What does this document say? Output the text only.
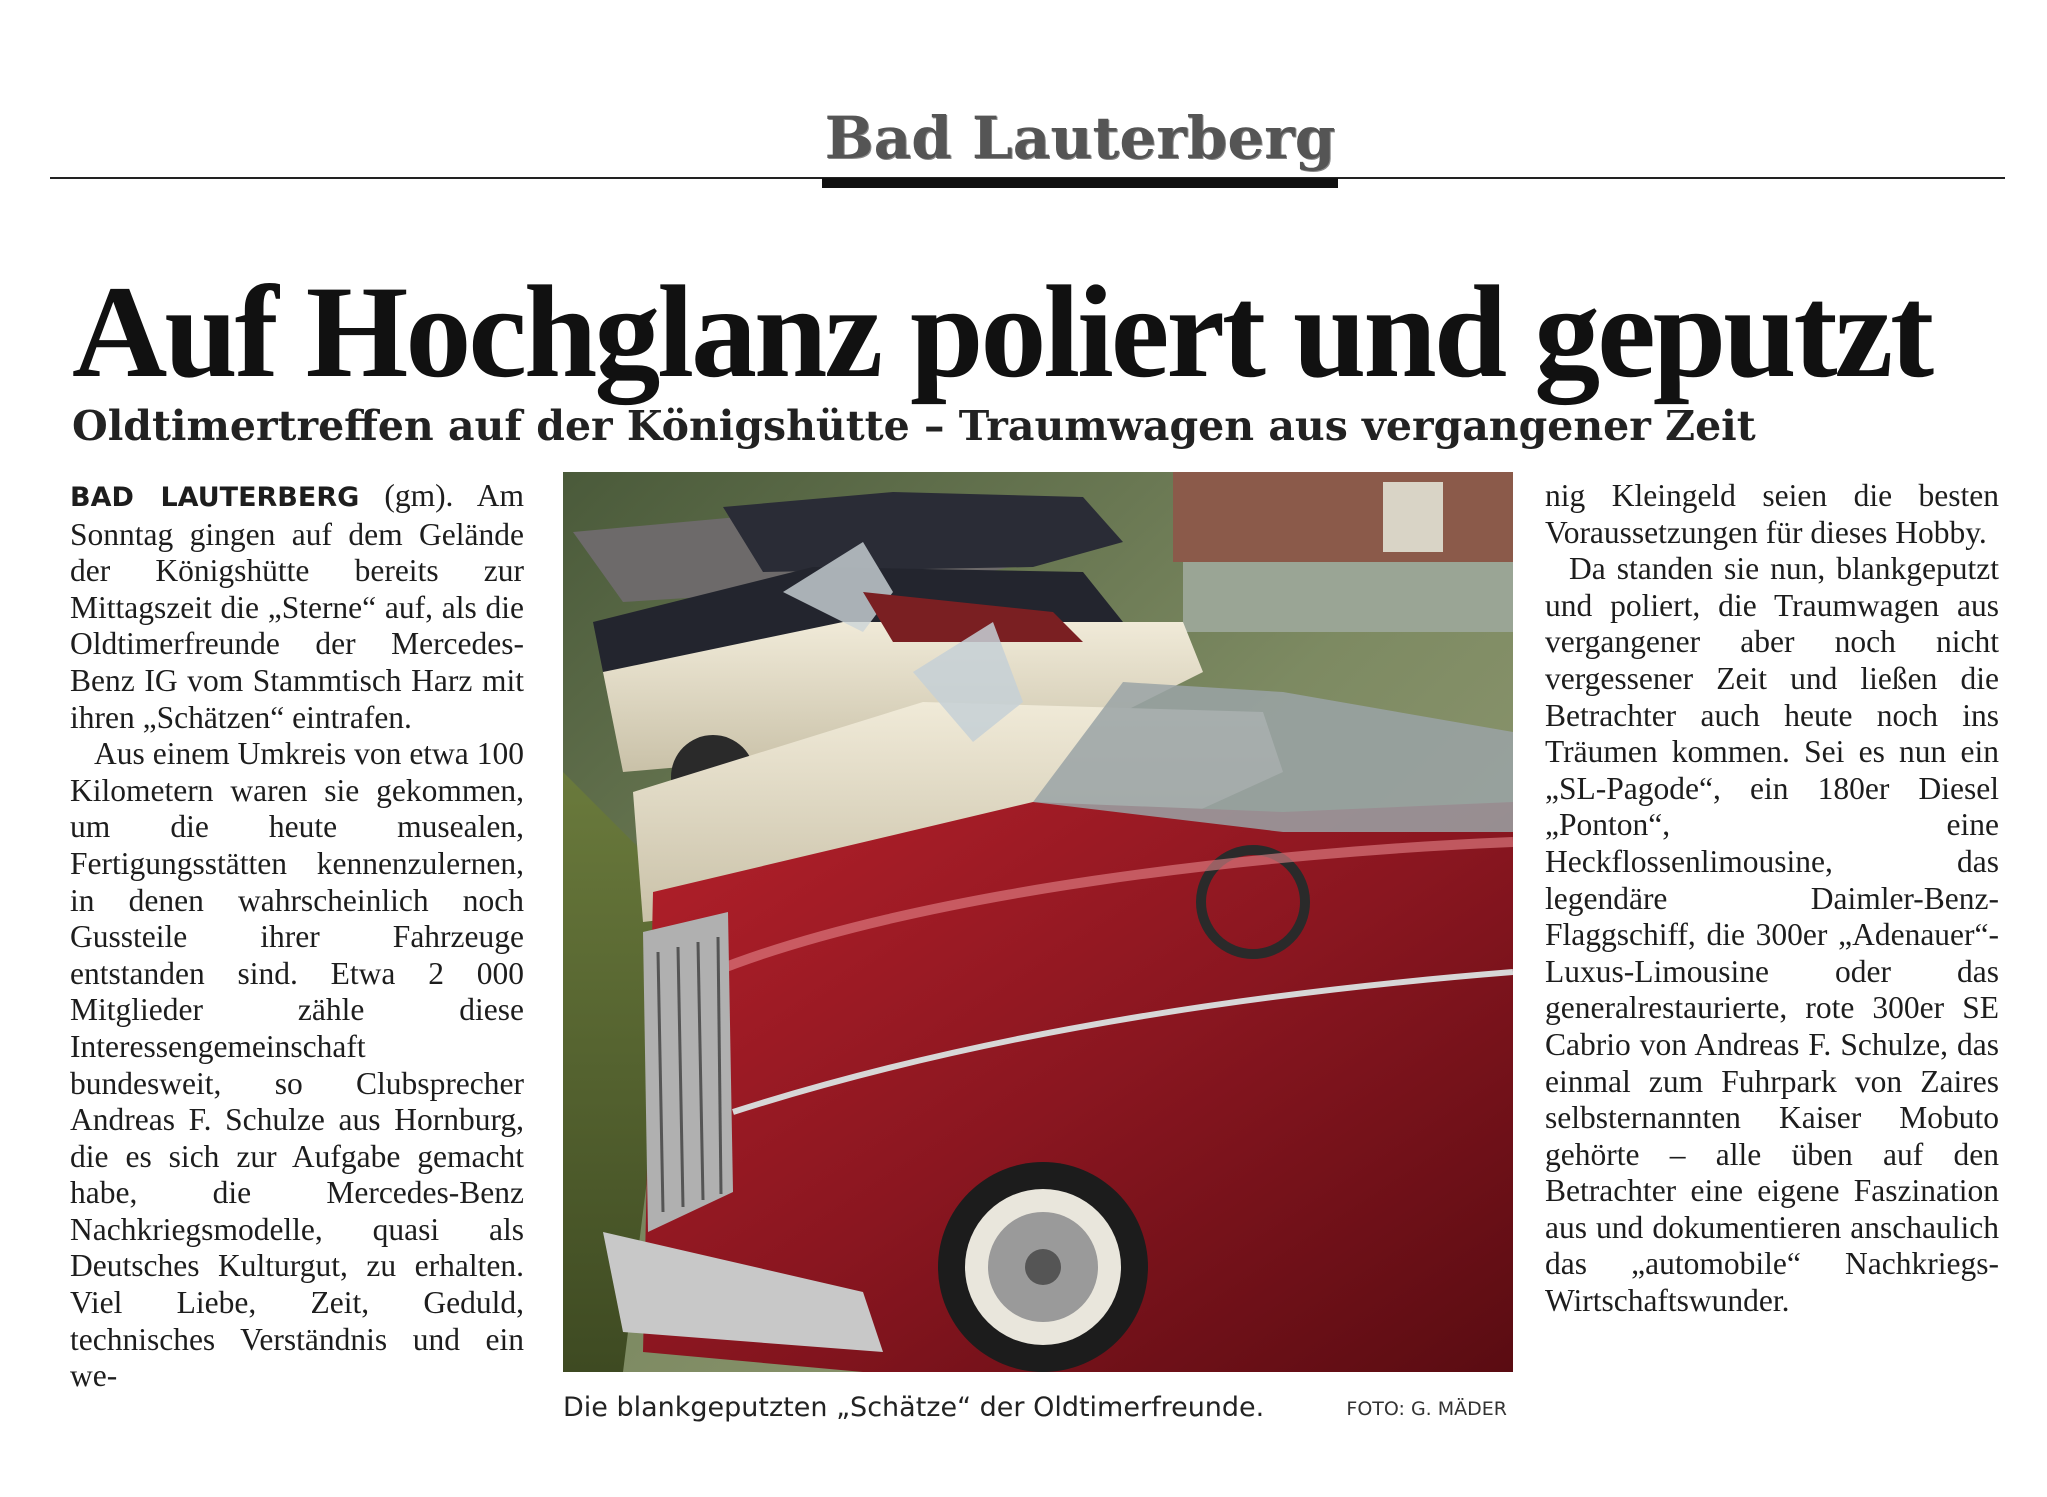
Bad Lauterberg
Auf Hochglanz poliert und geputzt
Oldtimertreffen auf der Königshütte – Traumwagen aus vergangener Zeit

BAD LAUTERBERG (gm). Am Sonntag gingen auf dem Gelände der Königshütte bereits zur Mittagszeit die „Sterne“ auf, als die Oldtimerfreunde der Mercedes-Benz IG vom Stammtisch Harz mit ihren „Schätzen“ eintrafen.

Aus einem Umkreis von etwa 100 Kilometern waren sie gekommen, um die heute musealen, Fertigungsstätten kennenzulernen, in denen wahrscheinlich noch Gussteile ihrer Fahrzeuge entstanden sind. Etwa 2 000 Mitglieder zähle diese Interessengemeinschaft bundesweit, so Clubsprecher Andreas F. Schulze aus Hornburg, die es sich zur Aufgabe gemacht habe, die Mercedes-Benz Nachkriegsmodelle, quasi als Deutsches Kulturgut, zu erhalten. Viel Liebe, Zeit, Geduld, technisches Verständnis und ein we-

Die blankgeputzten „Schätze“ der Oldtimerfreunde.	FOTO: G. MÄDER

nig Kleingeld seien die besten Voraussetzungen für dieses Hobby.

Da standen sie nun, blankgeputzt und poliert, die Traumwagen aus vergangener aber noch nicht vergessener Zeit und ließen die Betrachter auch heute noch ins Träumen kommen. Sei es nun ein „SL-Pagode“, ein 180er Diesel „Ponton“, eine Heckflossenlimousine, das legendäre Daimler-Benz-Flaggschiff, die 300er „Adenauer“-Luxus-Limousine oder das generalrestaurierte, rote 300er SE Cabrio von Andreas F. Schulze, das einmal zum Fuhrpark von Zaires selbsternannten Kaiser Mobuto gehörte – alle üben auf den Betrachter eine eigene Faszination aus und dokumentieren anschaulich das „automobile“ Nachkriegs-Wirtschaftswunder.
